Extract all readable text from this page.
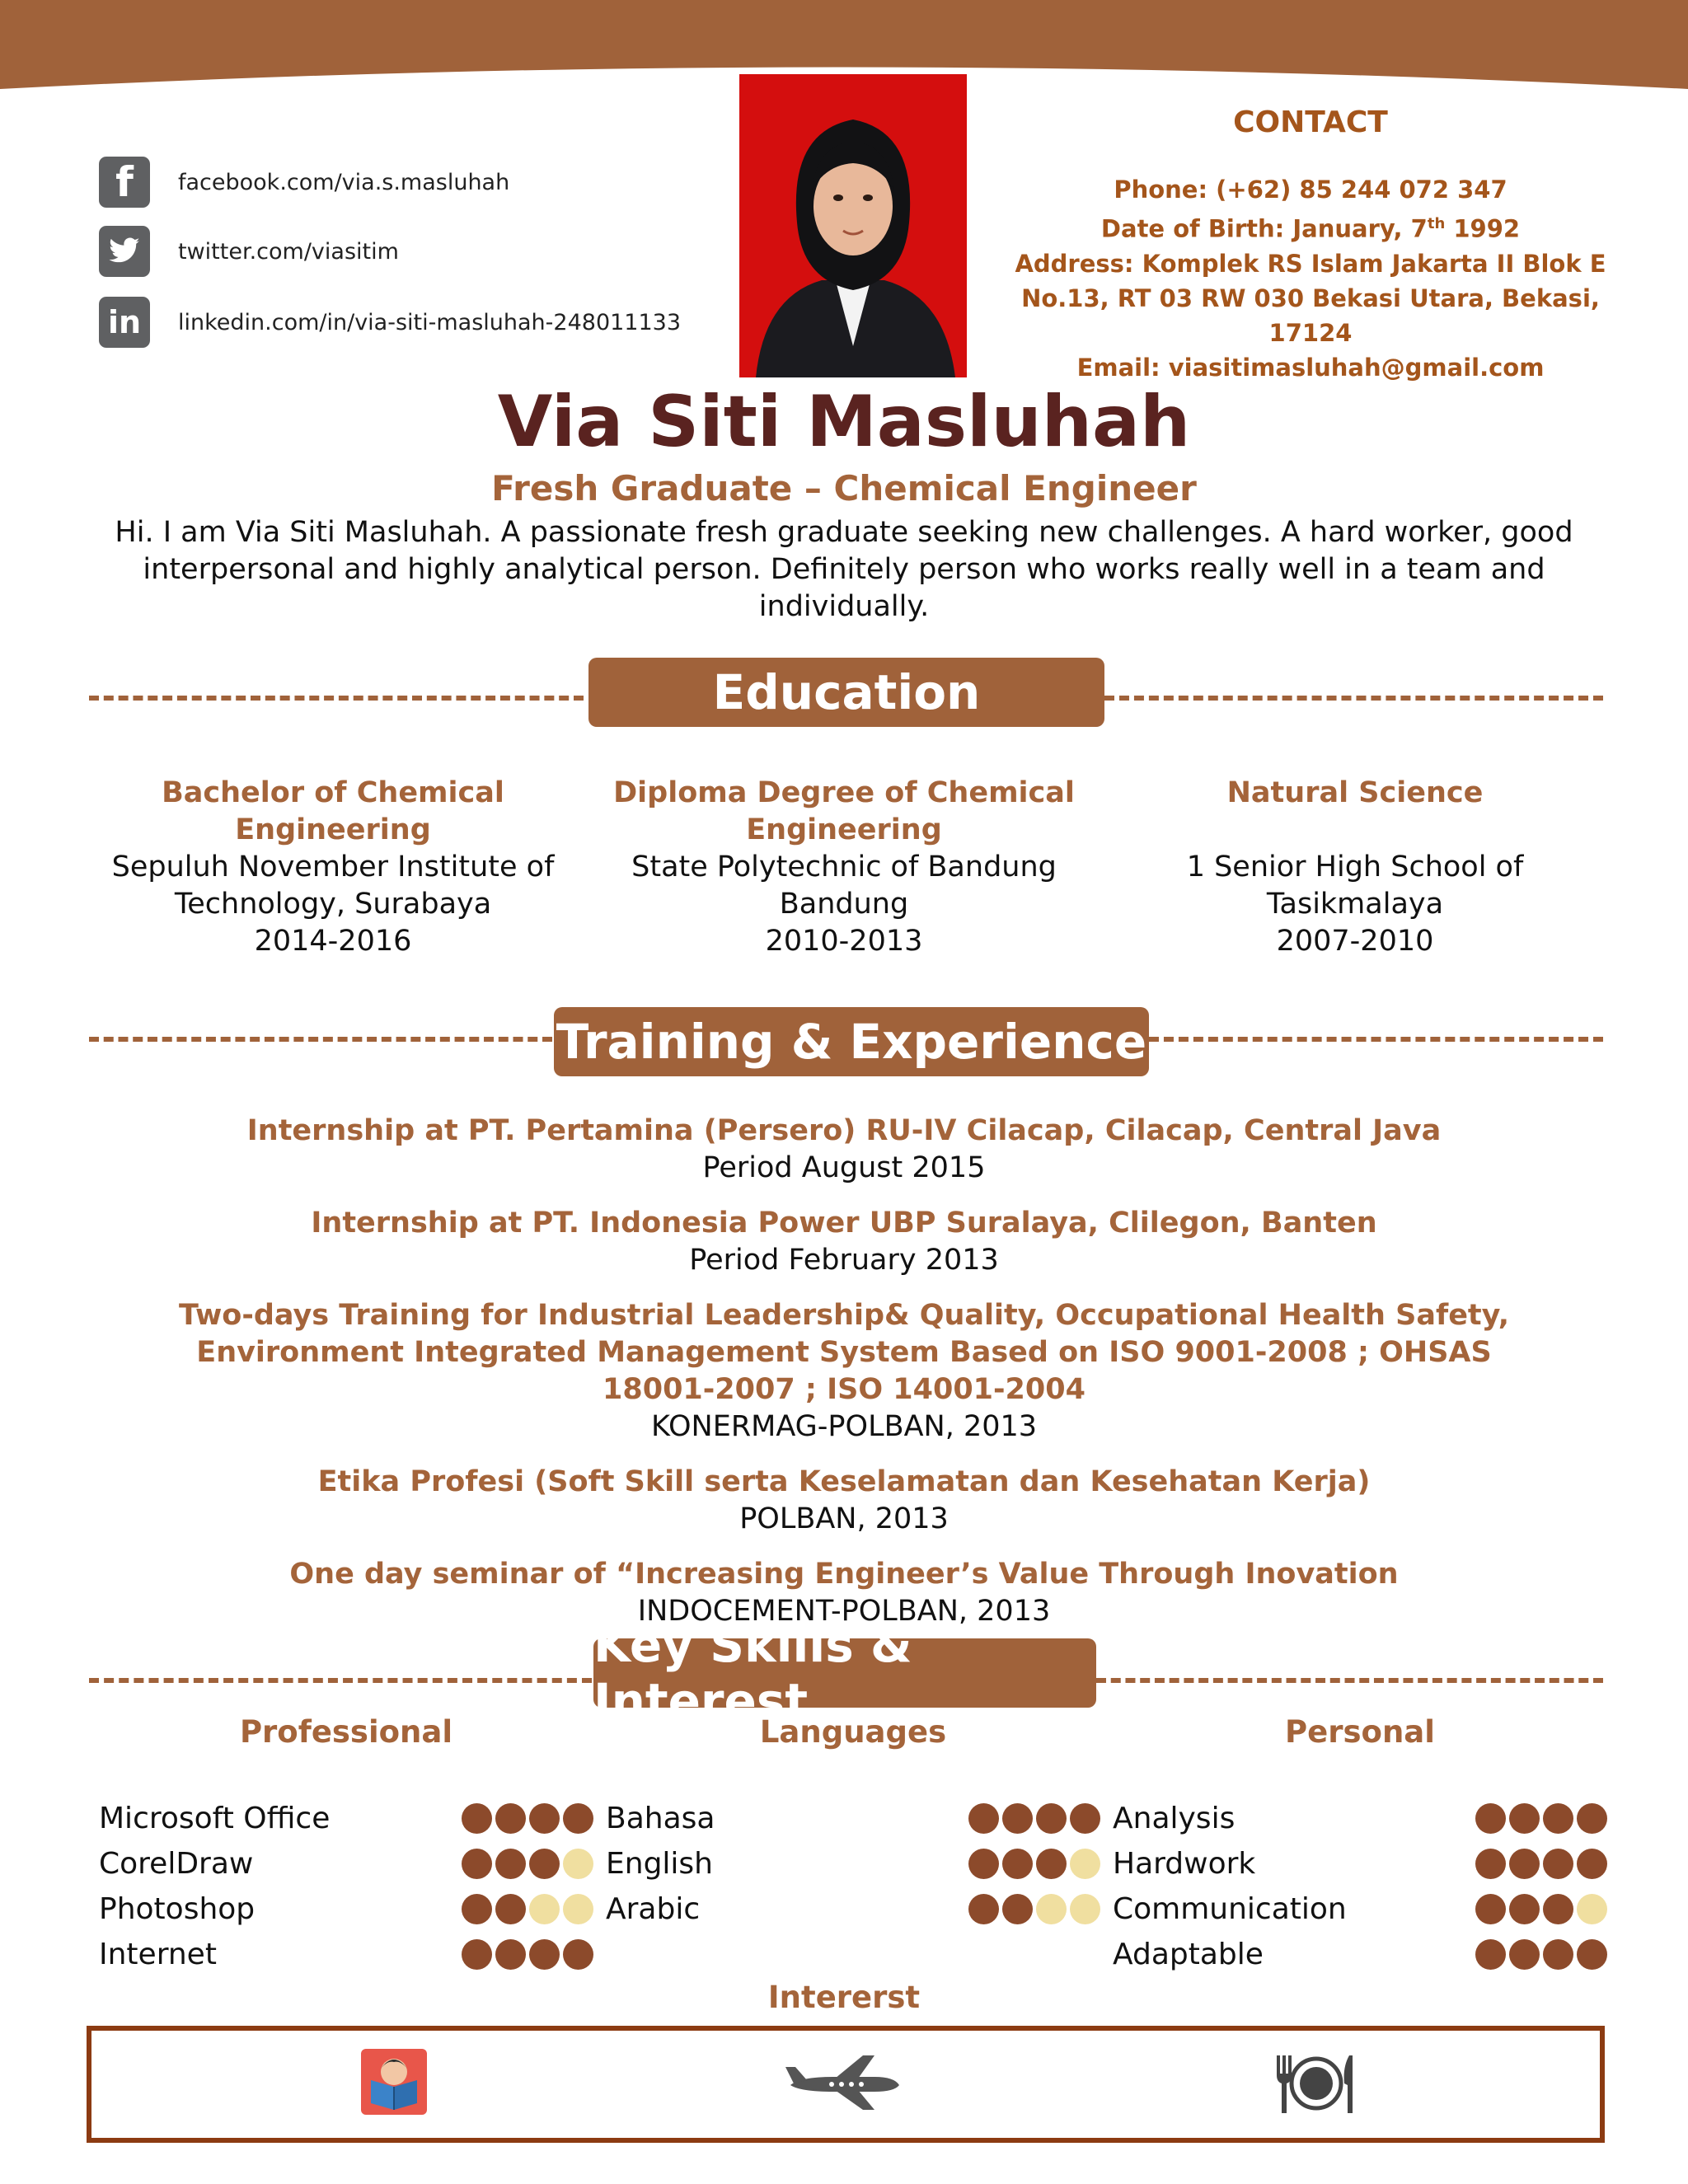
f	facebook.com/via.s.masluhah
twitter.com/viasitim
in	linkedin.com/in/via-siti-masluhah-248011133
CONTACT
Phone: (+62) 85 244 072 347
Date of Birth: January, 7th 1992
Address: Komplek RS Islam Jakarta II Blok E
No.13, RT 03 RW 030 Bekasi Utara, Bekasi, 17124
Email: viasitimasluhah@gmail.com
Via Siti Masluhah
Fresh Graduate – Chemical Engineer
Hi. I am Via Siti Masluhah. A passionate fresh graduate seeking new challenges. A hard worker, good interpersonal and highly analytical person. Definitely person who works really well in a team and individually.
Education
Bachelor of Chemical Engineering
Sepuluh November Institute of Technology, Surabaya
2014-2016
Diploma Degree of Chemical Engineering
State Polytechnic of Bandung Bandung
2010-2013
Natural Science
1 Senior High School of Tasikmalaya
2007-2010
Training & Experience
Internship at PT. Pertamina (Persero) RU-IV Cilacap, Cilacap, Central Java
Period August 2015
Internship at PT. Indonesia Power UBP Suralaya, Clilegon, Banten
Period February 2013
Two-days Training for Industrial Leadership& Quality, Occupational Health Safety, Environment Integrated Management System Based on ISO 9001-2008 ; OHSAS 18001-2007 ; ISO 14001-2004
KONERMAG-POLBAN, 2013
Etika Profesi (Soft Skill serta Keselamatan dan Kesehatan Kerja)
POLBAN, 2013
One day seminar of “Increasing Engineer’s Value Through Inovation
INDOCEMENT-POLBAN, 2013
Key Skills & Interest
Professional
Microsoft Office
CorelDraw
Photoshop
Internet
Languages
Bahasa
English
Arabic
Personal
Analysis
Hardwork
Communication
Adaptable
Intererst
